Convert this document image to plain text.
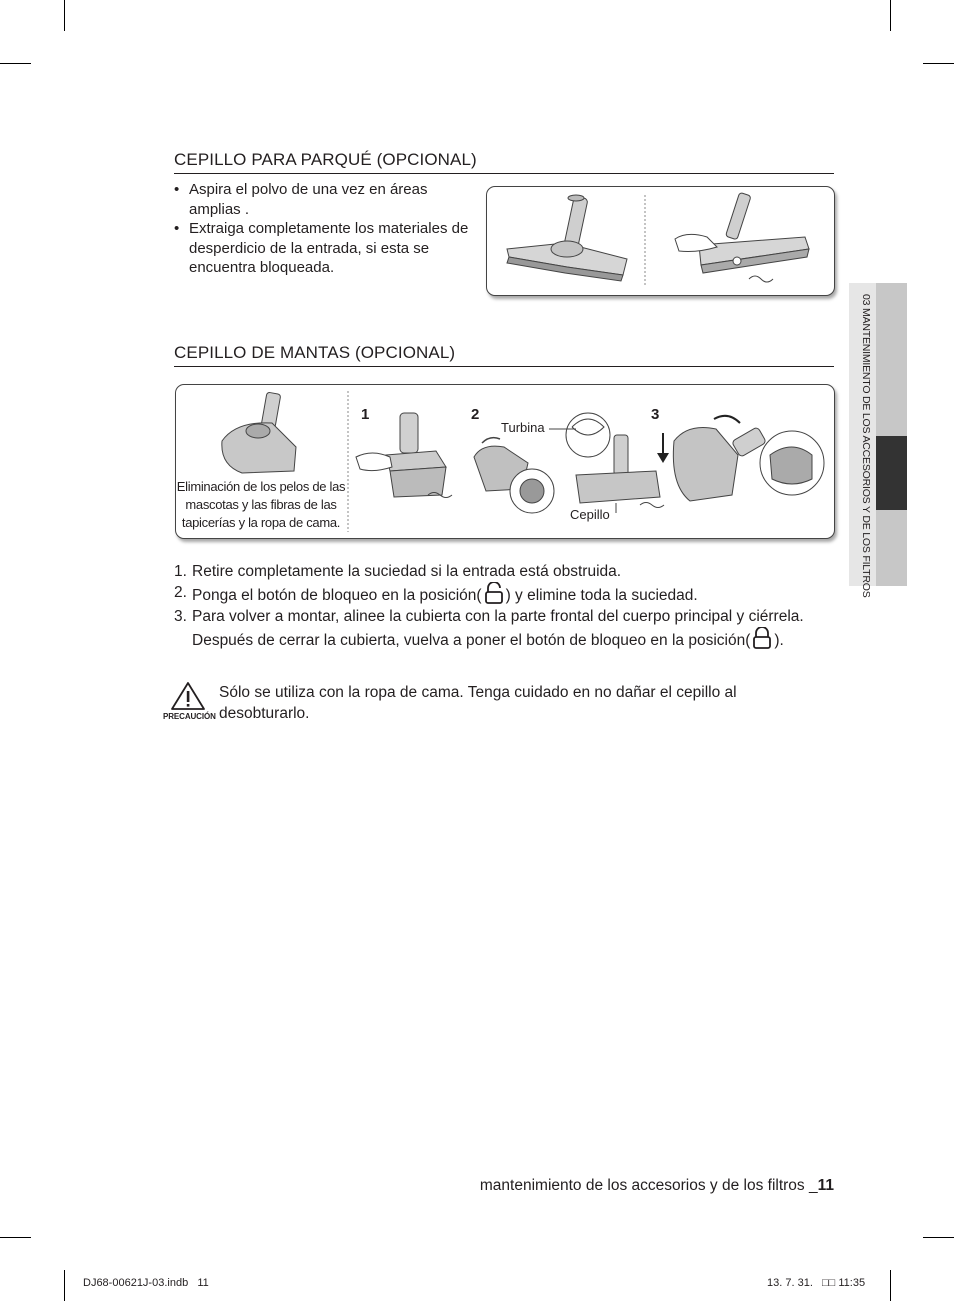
CEPILLO PARA PARQUÉ (OPCIONAL)
• Aspira el polvo de una vez en áreas amplias .
• Extraiga completamente los materiales de desperdicio de la entrada, si esta se encuentra bloqueada.
CEPILLO DE MANTAS (OPCIONAL)
Eliminación de los pelos de las mascotas y las fibras de las tapicerías y la ropa de cama.
1	2	3
Turbina
Cepillo
1. Retire completamente la suciedad si la entrada está obstruida.
2. Ponga el botón de bloqueo en la posición( ) y elimine toda la suciedad.
3. Para volver a montar, alinee la cubierta con la parte frontal del cuerpo principal y ciérrela. Después de cerrar la cubierta, vuelva a poner el botón de bloqueo en la posición( ).
PRECAUCIÓN
Sólo se utiliza con la ropa de cama. Tenga cuidado en no dañar el cepillo al desobturarlo.
03 MANTENIMIENTO DE LOS ACCESORIOS Y DE LOS FILTROS
mantenimiento de los accesorios y de los filtros _11
DJ68-00621J-03.indb   11	13. 7. 31.   □□ 11:35
